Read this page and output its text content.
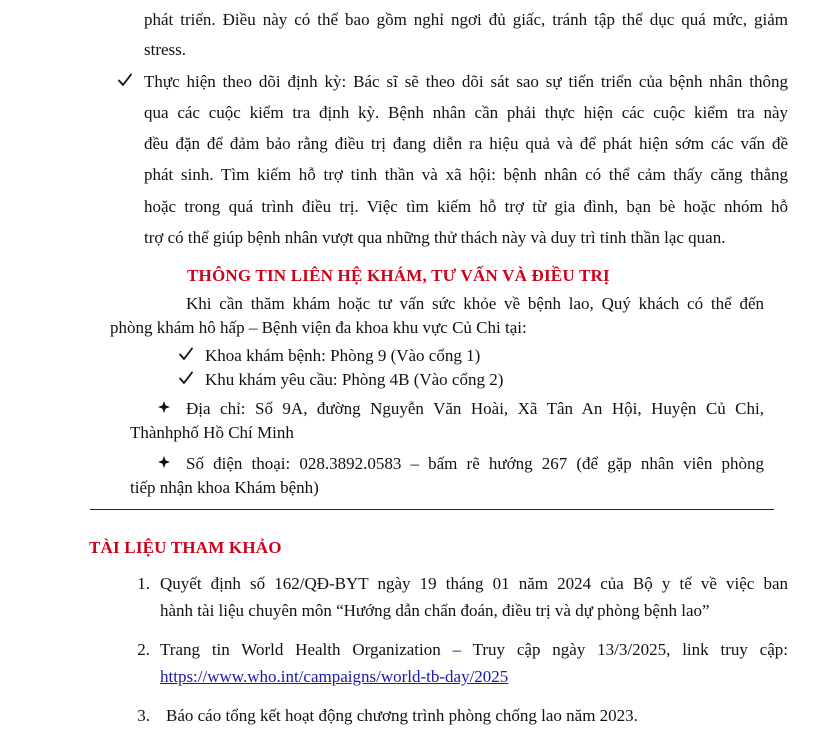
phát triển. Điều này có thể bao gồm nghỉ ngơi đủ giấc, tránh tập thể dục quá mức, giảm
stress.
Thực hiện theo dõi định kỳ: Bác sĩ sẽ theo dõi sát sao sự tiến triển của bệnh nhân thông
qua các cuộc kiểm tra định kỳ. Bệnh nhân cần phải thực hiện các cuộc kiểm tra này
đều đặn để đảm bảo rằng điều trị đang diễn ra hiệu quả và để phát hiện sớm các vấn đề
phát sinh. Tìm kiếm hỗ trợ tinh thần và xã hội: bệnh nhân có thể cảm thấy căng thẳng
hoặc trong quá trình điều trị. Việc tìm kiếm hỗ trợ từ gia đình, bạn bè hoặc nhóm hỗ
trợ có thể giúp bệnh nhân vượt qua những thử thách này và duy trì tinh thần lạc quan.
THÔNG TIN LIÊN HỆ KHÁM, TƯ VẤN VÀ ĐIỀU TRỊ
Khi cần thăm khám hoặc tư vấn sức khỏe về bệnh lao, Quý khách có thể đến
phòng khám hô hấp – Bệnh viện đa khoa khu vực Củ Chi tại:
Khoa khám bệnh: Phòng 9 (Vào cổng 1)
Khu khám yêu cầu: Phòng 4B (Vào cổng 2)
Địa chỉ: Số 9A, đường Nguyễn Văn Hoài, Xã Tân An Hội, Huyện Củ Chi,
Thànhphố Hồ Chí Minh
Số điện thoại: 028.3892.0583 – bấm rẽ hướng 267 (để gặp nhân viên phòng
tiếp nhận khoa Khám bệnh)
TÀI LIỆU THAM KHẢO
1. Quyết định số 162/QĐ-BYT ngày 19 tháng 01 năm 2024 của Bộ y tế về việc ban
hành tài liệu chuyên môn “Hướng dẫn chẩn đoán, điều trị và dự phòng bệnh lao”
2. Trang tin World Health Organization – Truy cập ngày 13/3/2025, link truy cập:
https://www.who.int/campaigns/world-tb-day/2025
3. Báo cáo tổng kết hoạt động chương trình phòng chống lao năm 2023.
